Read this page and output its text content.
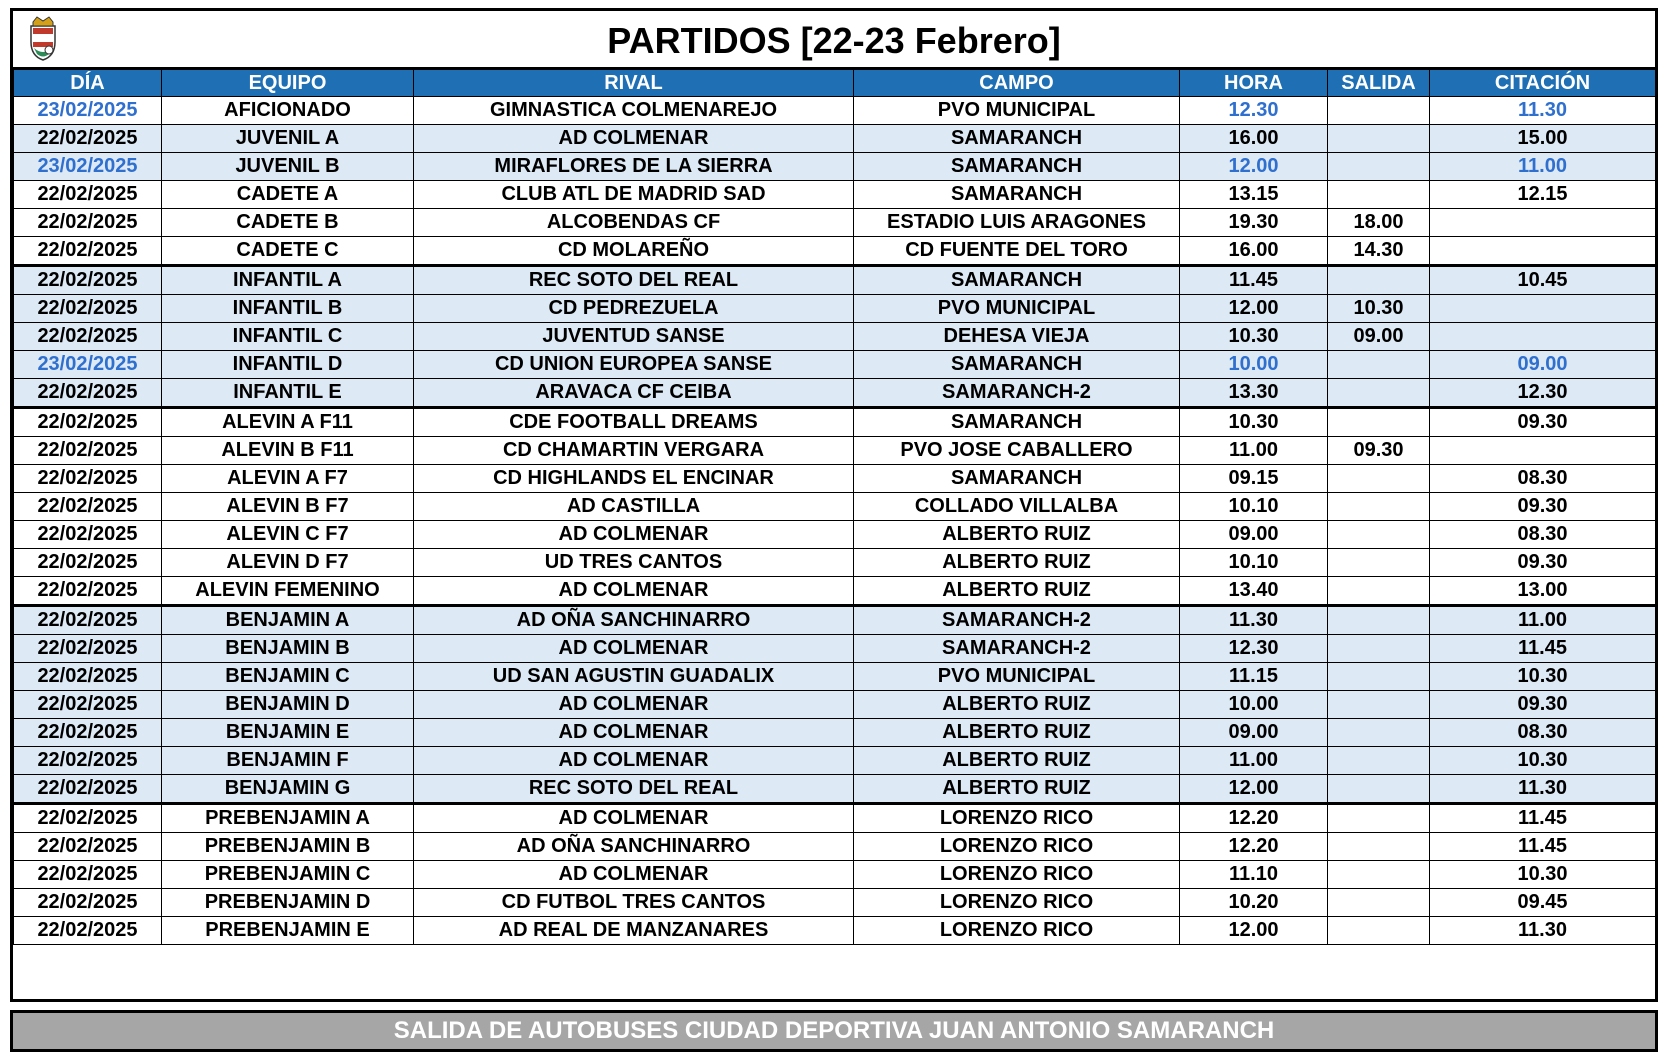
PARTIDOS [22-23 Febrero]
DÍA	EQUIPO	RIVAL	CAMPO	HORA	SALIDA	CITACIÓN
23/02/2025	AFICIONADO	GIMNASTICA COLMENAREJO	PVO MUNICIPAL	12.30		11.30
22/02/2025	JUVENIL A	AD COLMENAR	SAMARANCH	16.00		15.00
23/02/2025	JUVENIL B	MIRAFLORES DE LA SIERRA	SAMARANCH	12.00		11.00
22/02/2025	CADETE A	CLUB ATL DE MADRID SAD	SAMARANCH	13.15		12.15
22/02/2025	CADETE B	ALCOBENDAS CF	ESTADIO LUIS ARAGONES	19.30	18.00	
22/02/2025	CADETE C	CD MOLAREÑO	CD FUENTE DEL TORO	16.00	14.30	
22/02/2025	INFANTIL A	REC SOTO DEL REAL	SAMARANCH	11.45		10.45
22/02/2025	INFANTIL B	CD PEDREZUELA	PVO MUNICIPAL	12.00	10.30	
22/02/2025	INFANTIL C	JUVENTUD SANSE	DEHESA VIEJA	10.30	09.00	
23/02/2025	INFANTIL D	CD UNION EUROPEA SANSE	SAMARANCH	10.00		09.00
22/02/2025	INFANTIL E	ARAVACA CF CEIBA	SAMARANCH-2	13.30		12.30
22/02/2025	ALEVIN A F11	CDE FOOTBALL DREAMS	SAMARANCH	10.30		09.30
22/02/2025	ALEVIN B F11	CD CHAMARTIN VERGARA	PVO JOSE CABALLERO	11.00	09.30	
22/02/2025	ALEVIN A F7	CD HIGHLANDS EL ENCINAR	SAMARANCH	09.15		08.30
22/02/2025	ALEVIN B F7	AD CASTILLA	COLLADO VILLALBA	10.10		09.30
22/02/2025	ALEVIN C F7	AD COLMENAR	ALBERTO RUIZ	09.00		08.30
22/02/2025	ALEVIN D F7	UD TRES CANTOS	ALBERTO RUIZ	10.10		09.30
22/02/2025	ALEVIN FEMENINO	AD COLMENAR	ALBERTO RUIZ	13.40		13.00
22/02/2025	BENJAMIN A	AD OÑA SANCHINARRO	SAMARANCH-2	11.30		11.00
22/02/2025	BENJAMIN B	AD COLMENAR	SAMARANCH-2	12.30		11.45
22/02/2025	BENJAMIN C	UD SAN AGUSTIN GUADALIX	PVO MUNICIPAL	11.15		10.30
22/02/2025	BENJAMIN D	AD COLMENAR	ALBERTO RUIZ	10.00		09.30
22/02/2025	BENJAMIN E	AD COLMENAR	ALBERTO RUIZ	09.00		08.30
22/02/2025	BENJAMIN F	AD COLMENAR	ALBERTO RUIZ	11.00		10.30
22/02/2025	BENJAMIN G	REC SOTO DEL REAL	ALBERTO RUIZ	12.00		11.30
22/02/2025	PREBENJAMIN A	AD COLMENAR	LORENZO RICO	12.20		11.45
22/02/2025	PREBENJAMIN B	AD OÑA SANCHINARRO	LORENZO RICO	12.20		11.45
22/02/2025	PREBENJAMIN C	AD COLMENAR	LORENZO RICO	11.10		10.30
22/02/2025	PREBENJAMIN D	CD FUTBOL TRES CANTOS	LORENZO RICO	10.20		09.45
22/02/2025	PREBENJAMIN E	AD REAL DE MANZANARES	LORENZO RICO	12.00		11.30
SALIDA DE AUTOBUSES CIUDAD DEPORTIVA JUAN ANTONIO SAMARANCH
